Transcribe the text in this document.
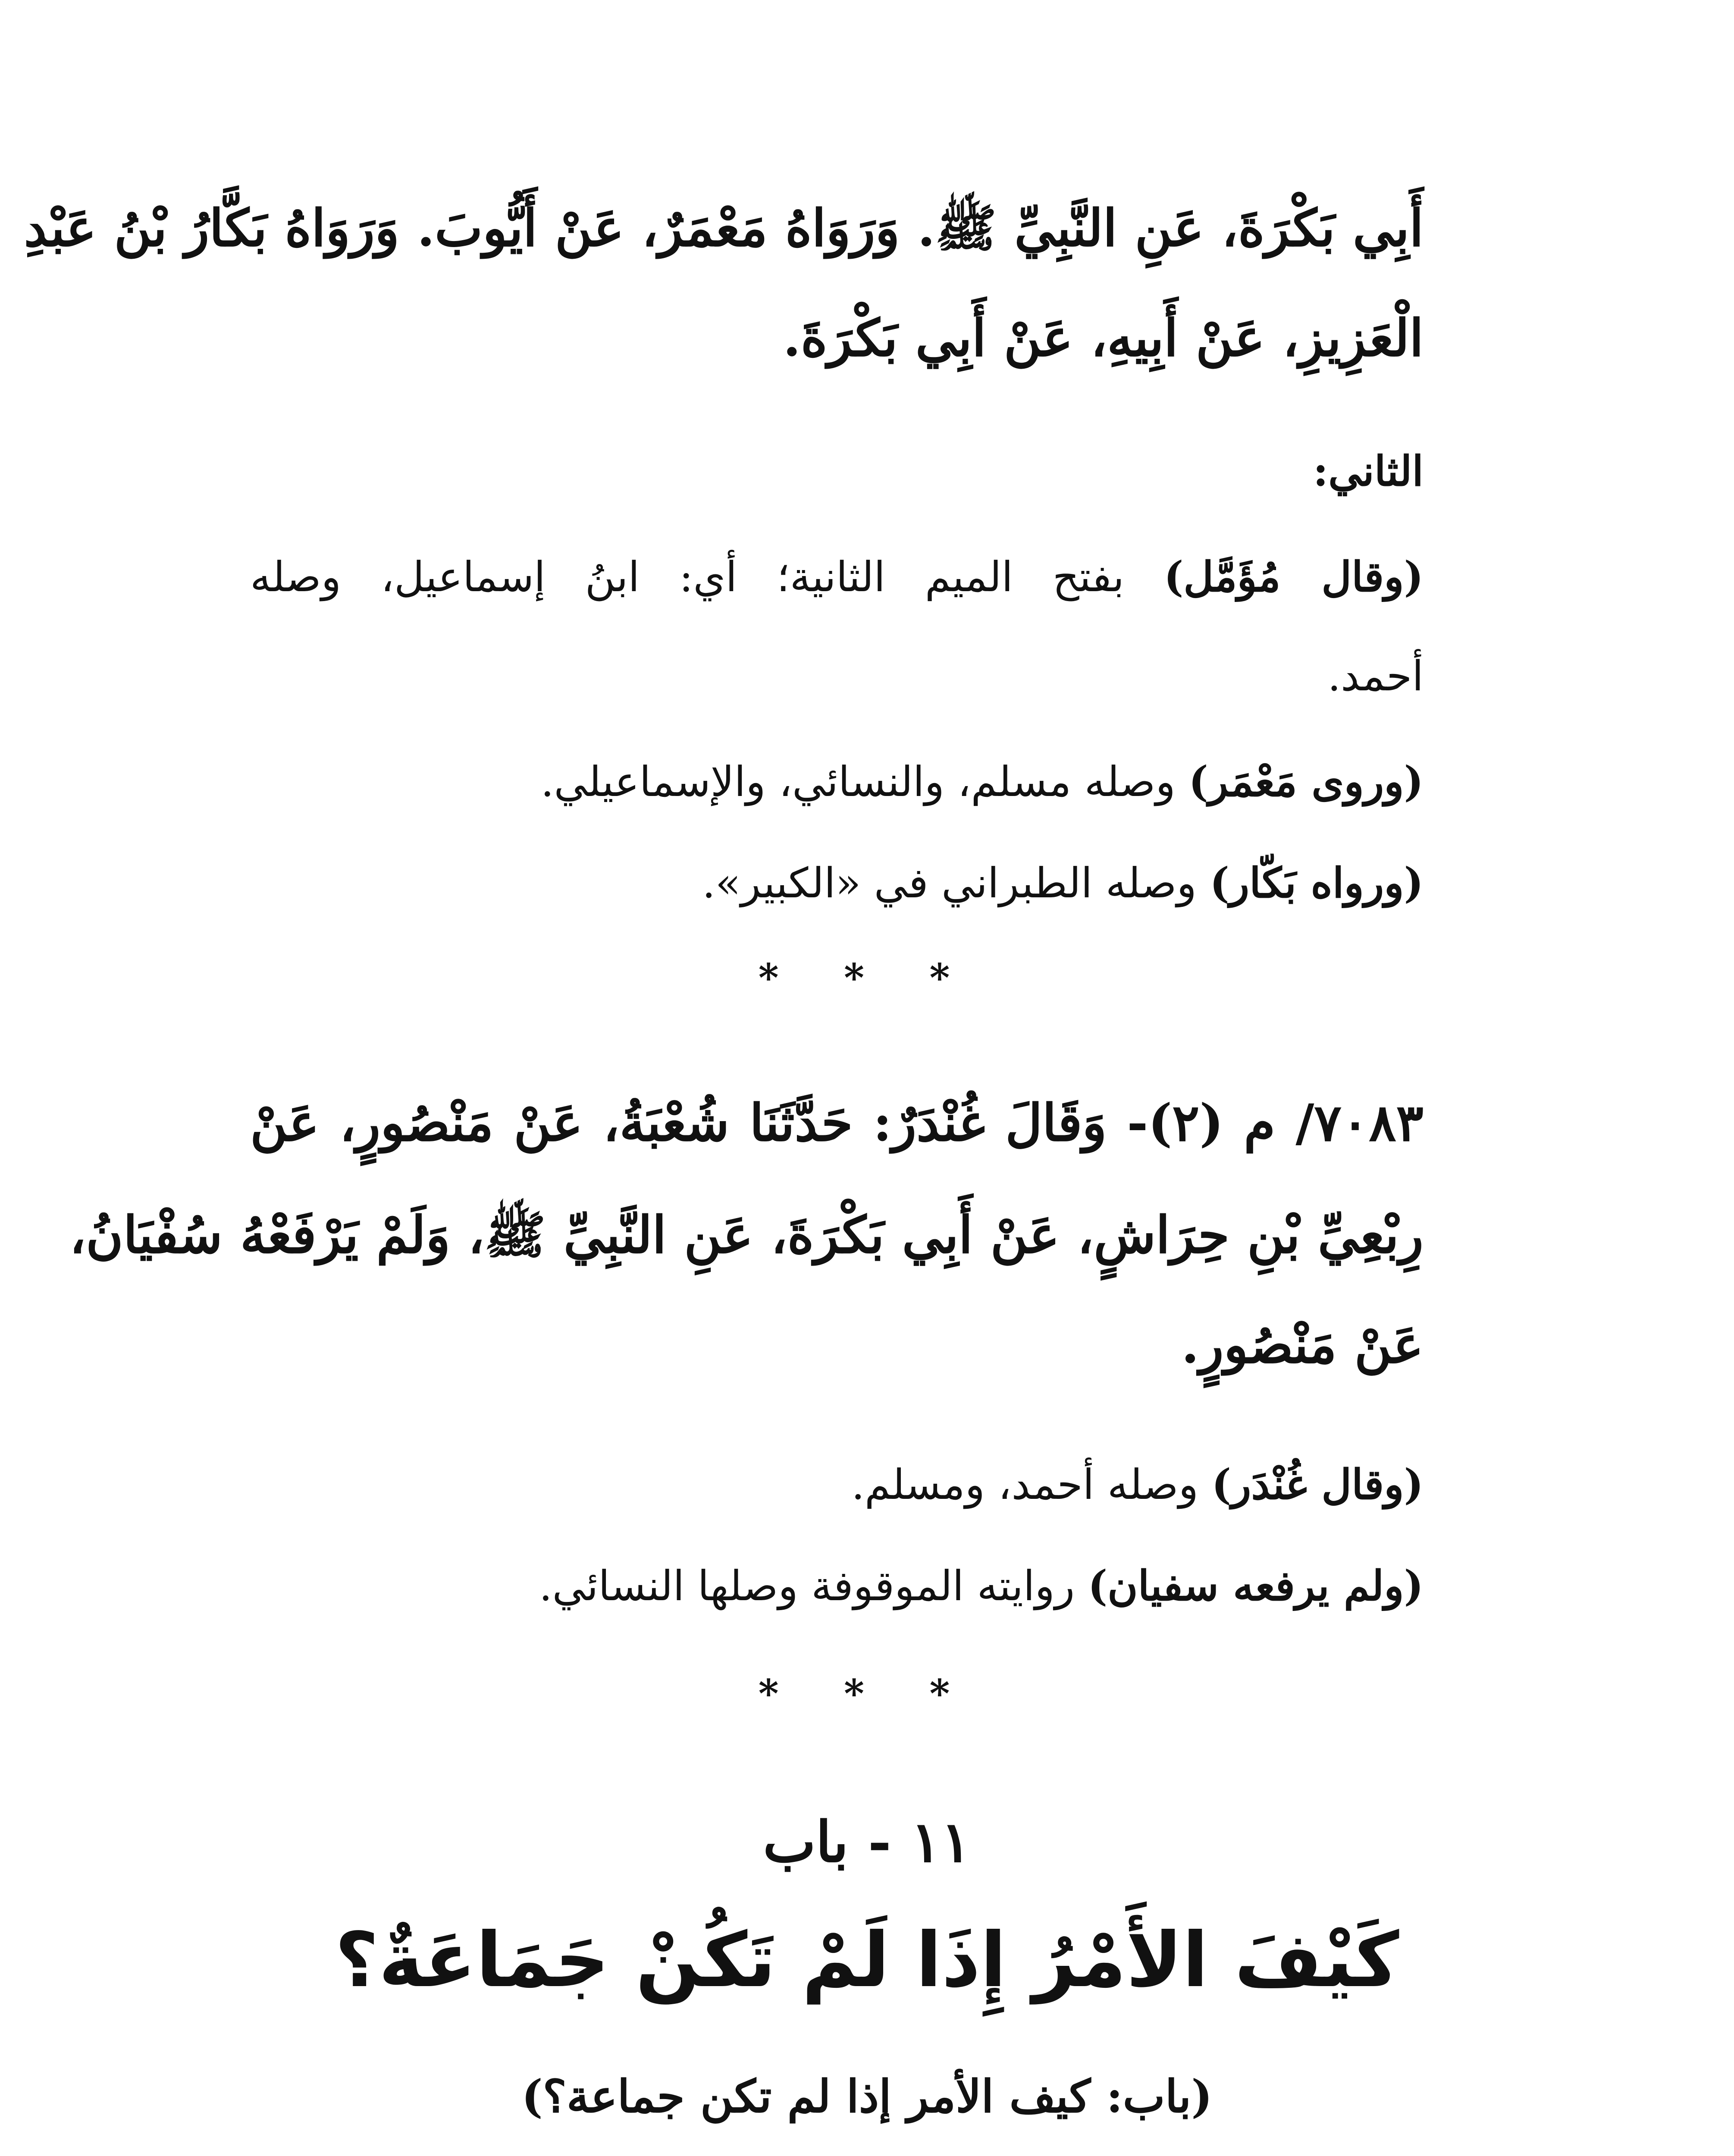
أَبِي بَكْرَةَ، عَنِ النَّبِيِّ ﷺ. وَرَوَاهُ مَعْمَرٌ، عَنْ أَيُّوبَ. وَرَوَاهُ بَكَّارُ بْنُ عَبْدِ
الْعَزِيزِ، عَنْ أَبِيهِ، عَنْ أَبِي بَكْرَةَ.
الثاني:
(وقال مُؤَمَّل) بفتح الميم الثانية؛ أي: ابنُ إسماعيل، وصله
أحمد.
(وروى مَعْمَر) وصله مسلم، والنسائي، والإسماعيلي.
(ورواه بَكّار) وصله الطبراني في «الكبير».
* * *
٧٠٨٣/ م (٢)- وَقَالَ غُنْدَرٌ: حَدَّثَنَا شُعْبَةُ، عَنْ مَنْصُورٍ، عَنْ
رِبْعِيِّ بْنِ حِرَاشٍ، عَنْ أَبِي بَكْرَةَ، عَنِ النَّبِيِّ ﷺ، وَلَمْ يَرْفَعْهُ سُفْيَانُ،
عَنْ مَنْصُورٍ.
(وقال غُنْدَر) وصله أحمد، ومسلم.
(ولم يرفعه سفيان) روايته الموقوفة وصلها النسائي.
* * *
١١ - باب
كَيْفَ الأَمْرُ إِذَا لَمْ تَكُنْ جَمَاعَةٌ؟
(باب: كيف الأمر إذا لم تكن جماعة؟)
